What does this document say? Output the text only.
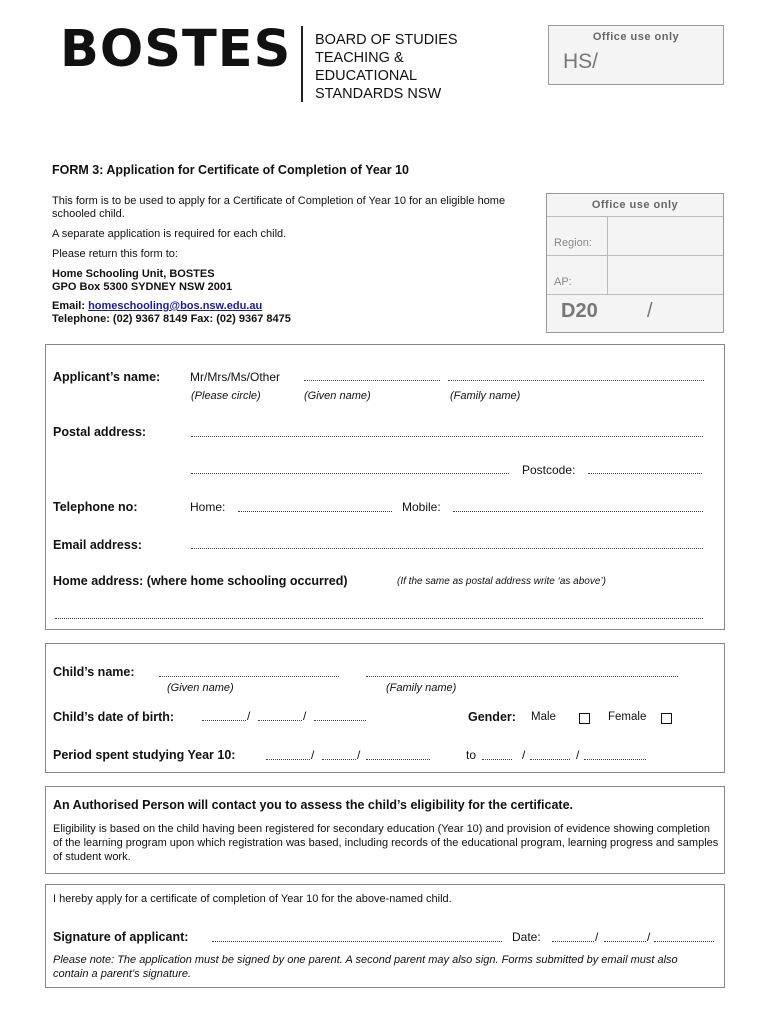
BOSTES BOARD OF STUDIES
TEACHING &
EDUCATIONAL
STANDARDS NSW
Office use only
HS/
FORM 3: Application for Certificate of Completion of Year 10

This form is to be used to apply for a Certificate of Completion of Year 10 for an eligible home schooled child.

A separate application is required for each child.

Please return this form to:

Home Schooling Unit, BOSTES
GPO Box 5300 SYDNEY NSW 2001
Email: homeschooling@bos.nsw.edu.au
Telephone: (02) 9367 8149 Fax: (02) 9367 8475
Office use only
Region:
AP:
D20 /
Applicant’s name: Mr/Mrs/Ms/Other
(Please circle)	(Given name)	(Family name)
Postal address:
Postcode:
Telephone no:	Home:	Mobile:
Email address:
Home address: (where home schooling occurred)	(If the same as postal address write ‘as above’)
Child’s name:
(Given name)	(Family name)
Child’s date of birth:	/	/	Gender: Male	Female
Period spent studying Year 10:	/	/	to	/	/
An Authorised Person will contact you to assess the child’s eligibility for the certificate.
Eligibility is based on the child having been registered for secondary education (Year 10) and provision of evidence showing completion of the learning program upon which registration was based, including records of the educational program, learning progress and samples of student work.
I hereby apply for a certificate of completion of Year 10 for the above-named child.
Signature of applicant:	Date:	/	/
Please note: The application must be signed by one parent. A second parent may also sign. Forms submitted by email must also contain a parent’s signature.
